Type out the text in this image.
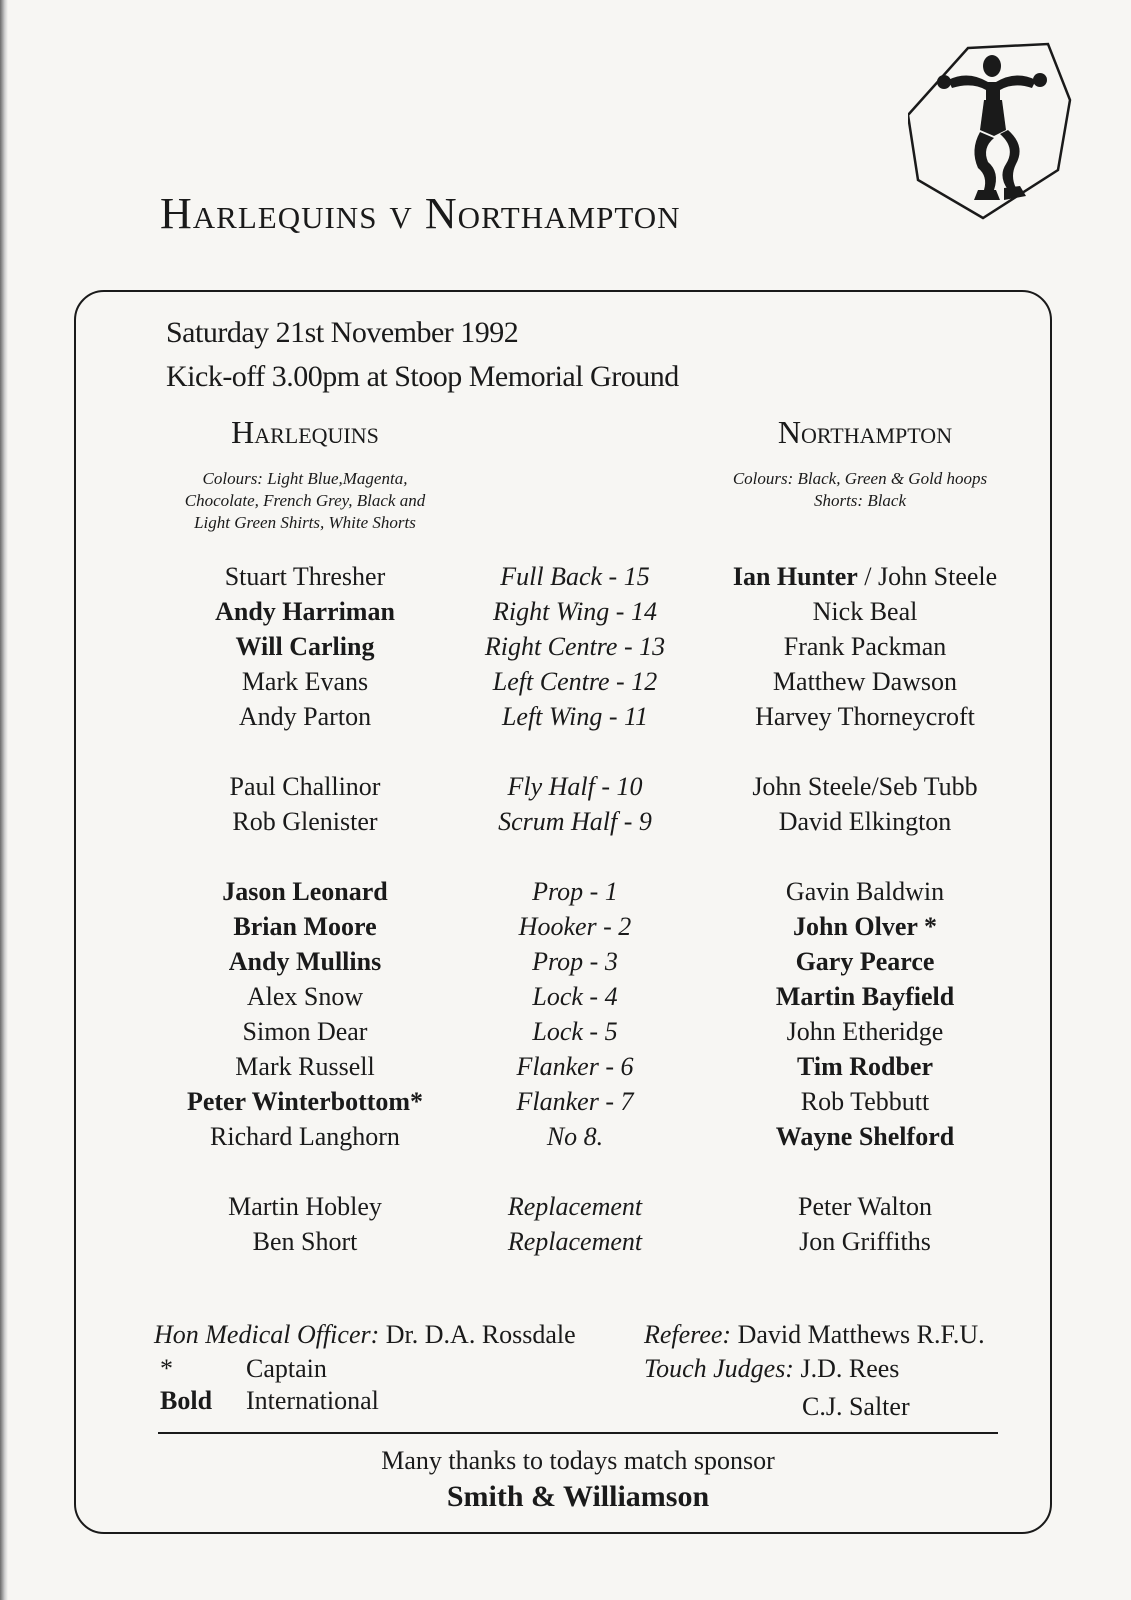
Harlequins v Northampton
Saturday 21st November 1992
Kick-off 3.00pm at Stoop Memorial Ground
Harlequins	Northampton
Colours: Light Blue,Magenta,
Chocolate, French Grey, Black and
Light Green Shirts, White Shorts
Colours: Black, Green & Gold hoops
Shorts: Black
Stuart Thresher	Full Back - 15	Ian Hunter / John Steele
Andy Harriman	Right Wing - 14	Nick Beal
Will Carling	Right Centre - 13	Frank Packman
Mark Evans	Left Centre - 12	Matthew Dawson
Andy Parton	Left Wing - 11	Harvey Thorneycroft
Paul Challinor	Fly Half - 10	John Steele/Seb Tubb
Rob Glenister	Scrum Half - 9	David Elkington
Jason Leonard	Prop - 1	Gavin Baldwin
Brian Moore	Hooker - 2	John Olver *
Andy Mullins	Prop - 3	Gary Pearce
Alex Snow	Lock - 4	Martin Bayfield
Simon Dear	Lock - 5	John Etheridge
Mark Russell	Flanker - 6	Tim Rodber
Peter Winterbottom*	Flanker - 7	Rob Tebbutt
Richard Langhorn	No 8.	Wayne Shelford
Martin Hobley	Replacement	Peter Walton
Ben Short	Replacement	Jon Griffiths
Hon Medical Officer: Dr. D.A. Rossdale
*	Captain
Bold International
Referee: David Matthews R.F.U.
Touch Judges: J.D. Rees
C.J. Salter
Many thanks to todays match sponsor
Smith & Williamson
